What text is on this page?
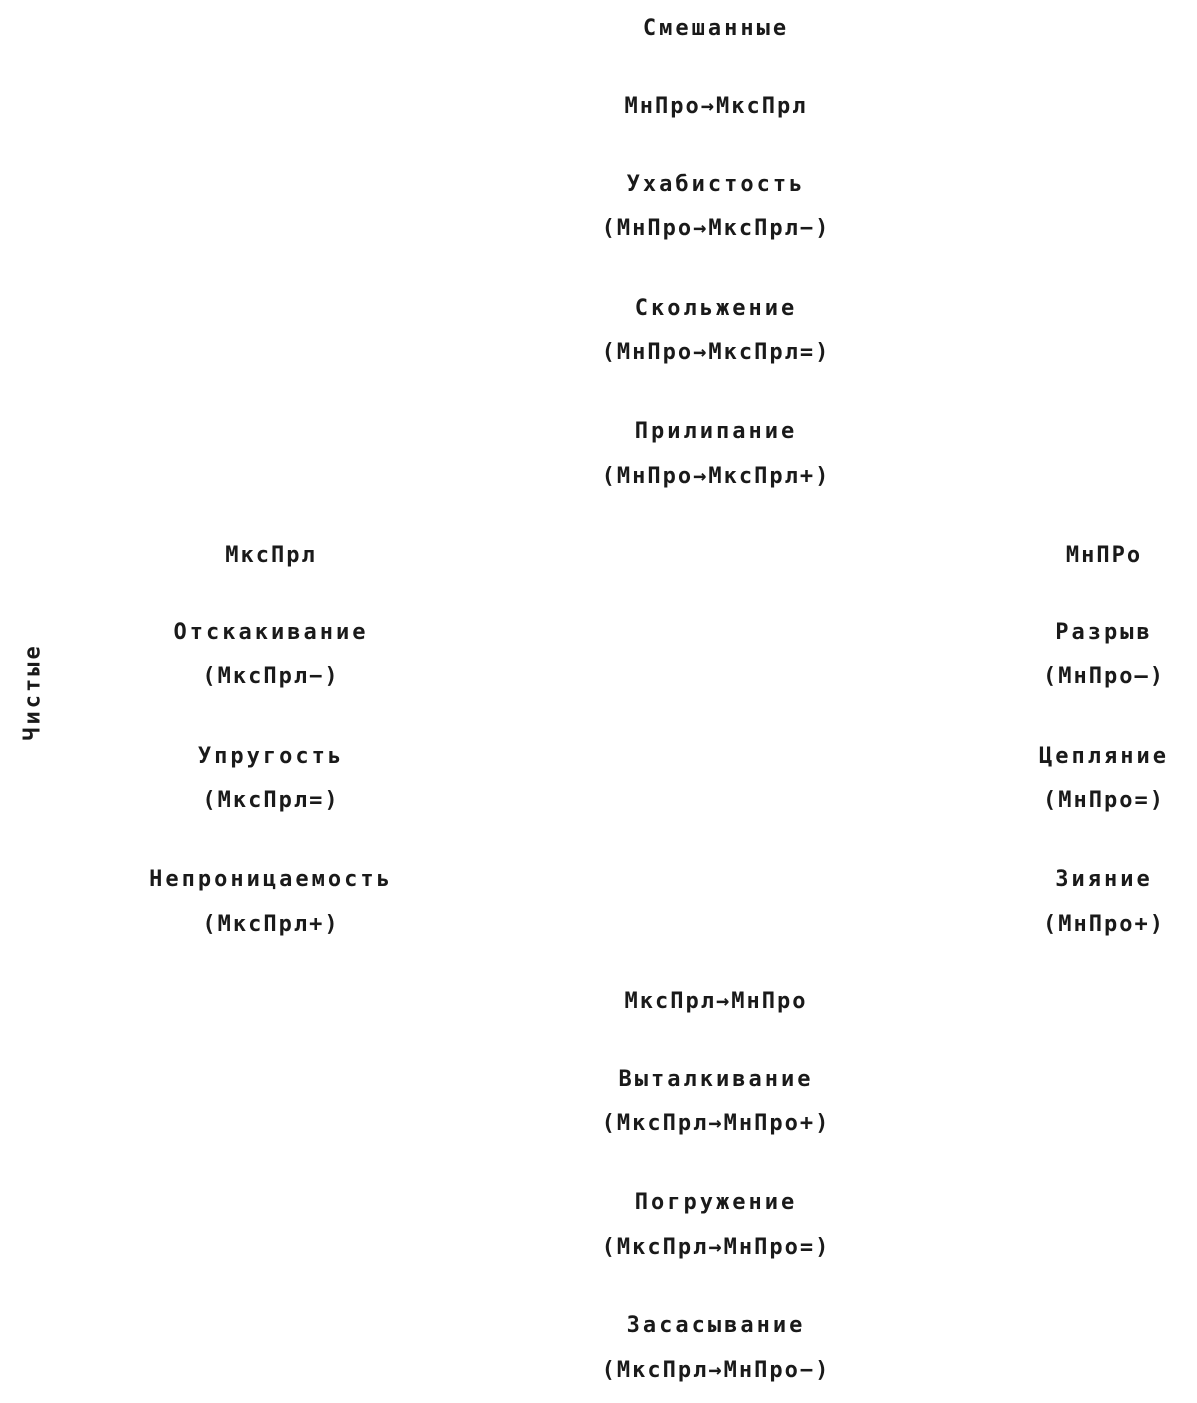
Чистые
Смешанные
МнПро→МксПрл
Ухабистость
(МнПро→МксПрл−)
Скольжение
(МнПро→МксПрл=)
Прилипание
(МнПро→МксПрл+)
МксПрл
Отскакивание
(МксПрл−)
Упругость
(МксПрл=)
Непроницаемость
(МксПрл+)
МнПРо
Разрыв
(МнПро—)
Цепляние
(МнПро=)
Зияние
(МнПро+)
МксПрл→МнПро
Выталкивание
(МксПрл→МнПро+)
Погружение
(МксПрл→МнПро=)
Засасывание
(МксПрл→МнПро−)
